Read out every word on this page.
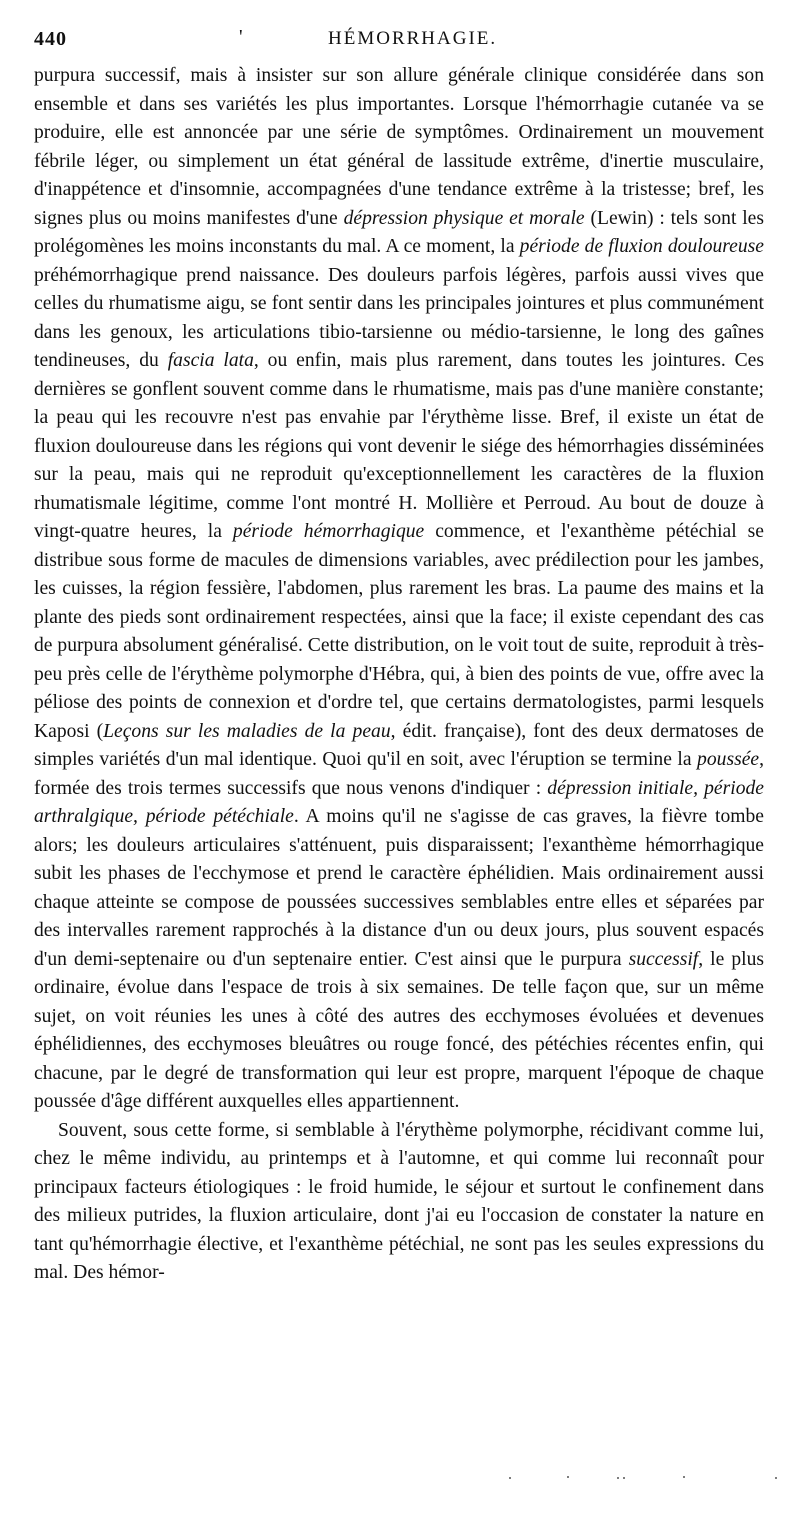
440	'	HÉMORRHAGIE.

purpura successif, mais à insister sur son allure générale clinique considérée dans son ensemble et dans ses variétés les plus importantes. Lorsque l'hémorrhagie cutanée va se produire, elle est annoncée par une série de symptômes. Ordinairement un mouvement fébrile léger, ou simplement un état général de lassitude extrême, d'inertie musculaire, d'inappétence et d'insomnie, accompagnées d'une tendance extrême à la tristesse; bref, les signes plus ou moins manifestes d'une dépression physique et morale (Lewin) : tels sont les prolégomènes les moins inconstants du mal. A ce moment, la période de fluxion douloureuse préhémorrhagique prend naissance. Des douleurs parfois légères, parfois aussi vives que celles du rhumatisme aigu, se font sentir dans les principales jointures et plus communément dans les genoux, les articulations tibio-tarsienne ou médio-tarsienne, le long des gaînes tendineuses, du fascia lata, ou enfin, mais plus rarement, dans toutes les jointures. Ces dernières se gonflent souvent comme dans le rhumatisme, mais pas d'une manière constante; la peau qui les recouvre n'est pas envahie par l'érythème lisse. Bref, il existe un état de fluxion douloureuse dans les régions qui vont devenir le siége des hémorrhagies disséminées sur la peau, mais qui ne reproduit qu'exceptionnellement les caractères de la fluxion rhumatismale légitime, comme l'ont montré H. Mollière et Perroud. Au bout de douze à vingt-quatre heures, la période hémorrhagique commence, et l'exanthème pétéchial se distribue sous forme de macules de dimensions variables, avec prédilection pour les jambes, les cuisses, la région fessière, l'abdomen, plus rarement les bras. La paume des mains et la plante des pieds sont ordinairement respectées, ainsi que la face; il existe cependant des cas de purpura absolument généralisé. Cette distribution, on le voit tout de suite, reproduit à très-peu près celle de l'érythème polymorphe d'Hébra, qui, à bien des points de vue, offre avec la péliose des points de connexion et d'ordre tel, que certains dermatologistes, parmi lesquels Kaposi (Leçons sur les maladies de la peau, édit. française), font des deux dermatoses de simples variétés d'un mal identique. Quoi qu'il en soit, avec l'éruption se termine la poussée, formée des trois termes successifs que nous venons d'indiquer : dépression initiale, période arthralgique, période pétéchiale. A moins qu'il ne s'agisse de cas graves, la fièvre tombe alors; les douleurs articulaires s'atténuent, puis disparaissent; l'exanthème hémorrhagique subit les phases de l'ecchymose et prend le caractère éphélidien. Mais ordinairement aussi chaque atteinte se compose de poussées successives semblables entre elles et séparées par des intervalles rarement rapprochés à la distance d'un ou deux jours, plus souvent espacés d'un demi-septenaire ou d'un septenaire entier. C'est ainsi que le purpura successif, le plus ordinaire, évolue dans l'espace de trois à six semaines. De telle façon que, sur un même sujet, on voit réunies les unes à côté des autres des ecchymoses évoluées et devenues éphélidiennes, des ecchymoses bleuâtres ou rouge foncé, des pétéchies récentes enfin, qui chacune, par le degré de transformation qui leur est propre, marquent l'époque de chaque poussée d'âge différent auxquelles elles appartiennent.

Souvent, sous cette forme, si semblable à l'érythème polymorphe, récidivant comme lui, chez le même individu, au printemps et à l'automne, et qui comme lui reconnaît pour principaux facteurs étiologiques : le froid humide, le séjour et surtout le confinement dans des milieux putrides, la fluxion articulaire, dont j'ai eu l'occasion de constater la nature en tant qu'hémorrhagie élective, et l'exanthème pétéchial, ne sont pas les seules expressions du mal. Des hémor-
